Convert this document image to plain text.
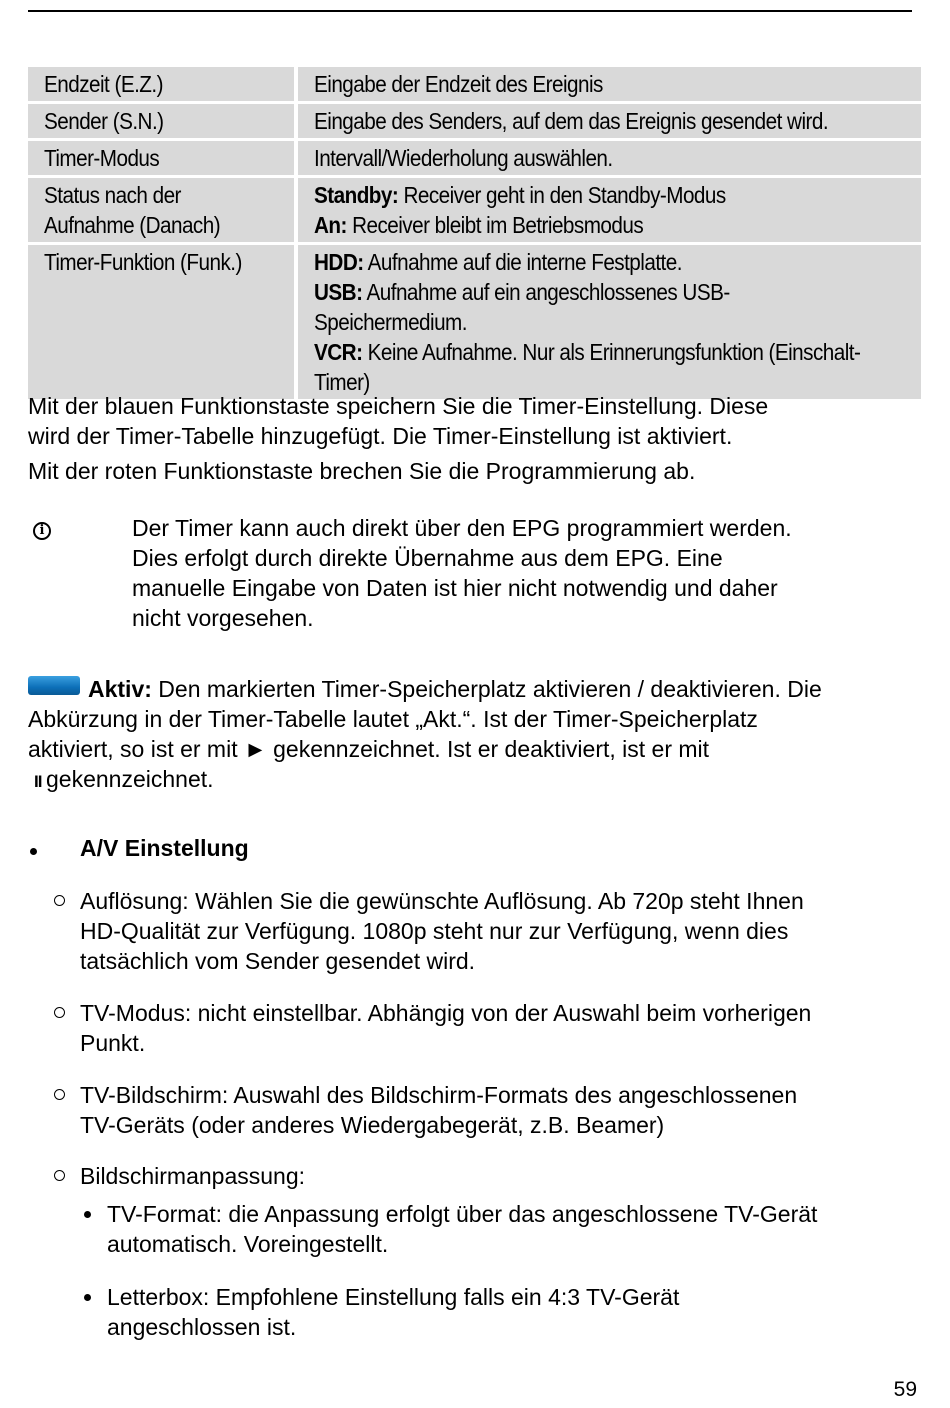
Endzeit (E.Z.)	Eingabe der Endzeit des Ereignis
Sender (S.N.)	Eingabe des Senders, auf dem das Ereignis gesendet wird.
Timer-Modus	Intervall/Wiederholung auswählen.
Status nach der Aufnahme (Danach)	Standby: Receiver geht in den Standby-Modus
An: Receiver bleibt im Betriebsmodus
Timer-Funktion (Funk.)	HDD: Aufnahme auf die interne Festplatte.
USB: Aufnahme auf ein angeschlossenes USB-
Speichermedium.
VCR: Keine Aufnahme. Nur als Erinnerungsfunktion (Einschalt-
Timer)
Mit der blauen Funktionstaste speichern Sie die Timer-Einstellung. Diese
wird der Timer-Tabelle hinzugefügt. Die Timer-Einstellung ist aktiviert.
Mit der roten Funktionstaste brechen Sie die Programmierung ab.
i	Der Timer kann auch direkt über den EPG programmiert werden.
Dies erfolgt durch direkte Übernahme aus dem EPG. Eine
manuelle Eingabe von Daten ist hier nicht notwendig und daher
nicht vorgesehen.
Aktiv: Den markierten Timer-Speicherplatz aktivieren / deaktivieren. Die
Abkürzung in der Timer-Tabelle lautet „Akt.“. Ist der Timer-Speicherplatz
aktiviert, so ist er mit ► gekennzeichnet. Ist er deaktiviert, ist er mit
II gekennzeichnet.
A/V Einstellung
Auflösung: Wählen Sie die gewünschte Auflösung. Ab 720p steht Ihnen
HD-Qualität zur Verfügung. 1080p steht nur zur Verfügung, wenn dies
tatsächlich vom Sender gesendet wird.
TV-Modus: nicht einstellbar. Abhängig von der Auswahl beim vorherigen
Punkt.
TV-Bildschirm: Auswahl des Bildschirm-Formats des angeschlossenen
TV-Geräts (oder anderes Wiedergabegerät, z.B. Beamer)
Bildschirmanpassung:
TV-Format: die Anpassung erfolgt über das angeschlossene TV-Gerät
automatisch. Voreingestellt.
Letterbox: Empfohlene Einstellung falls ein 4:3 TV-Gerät
angeschlossen ist.
59
